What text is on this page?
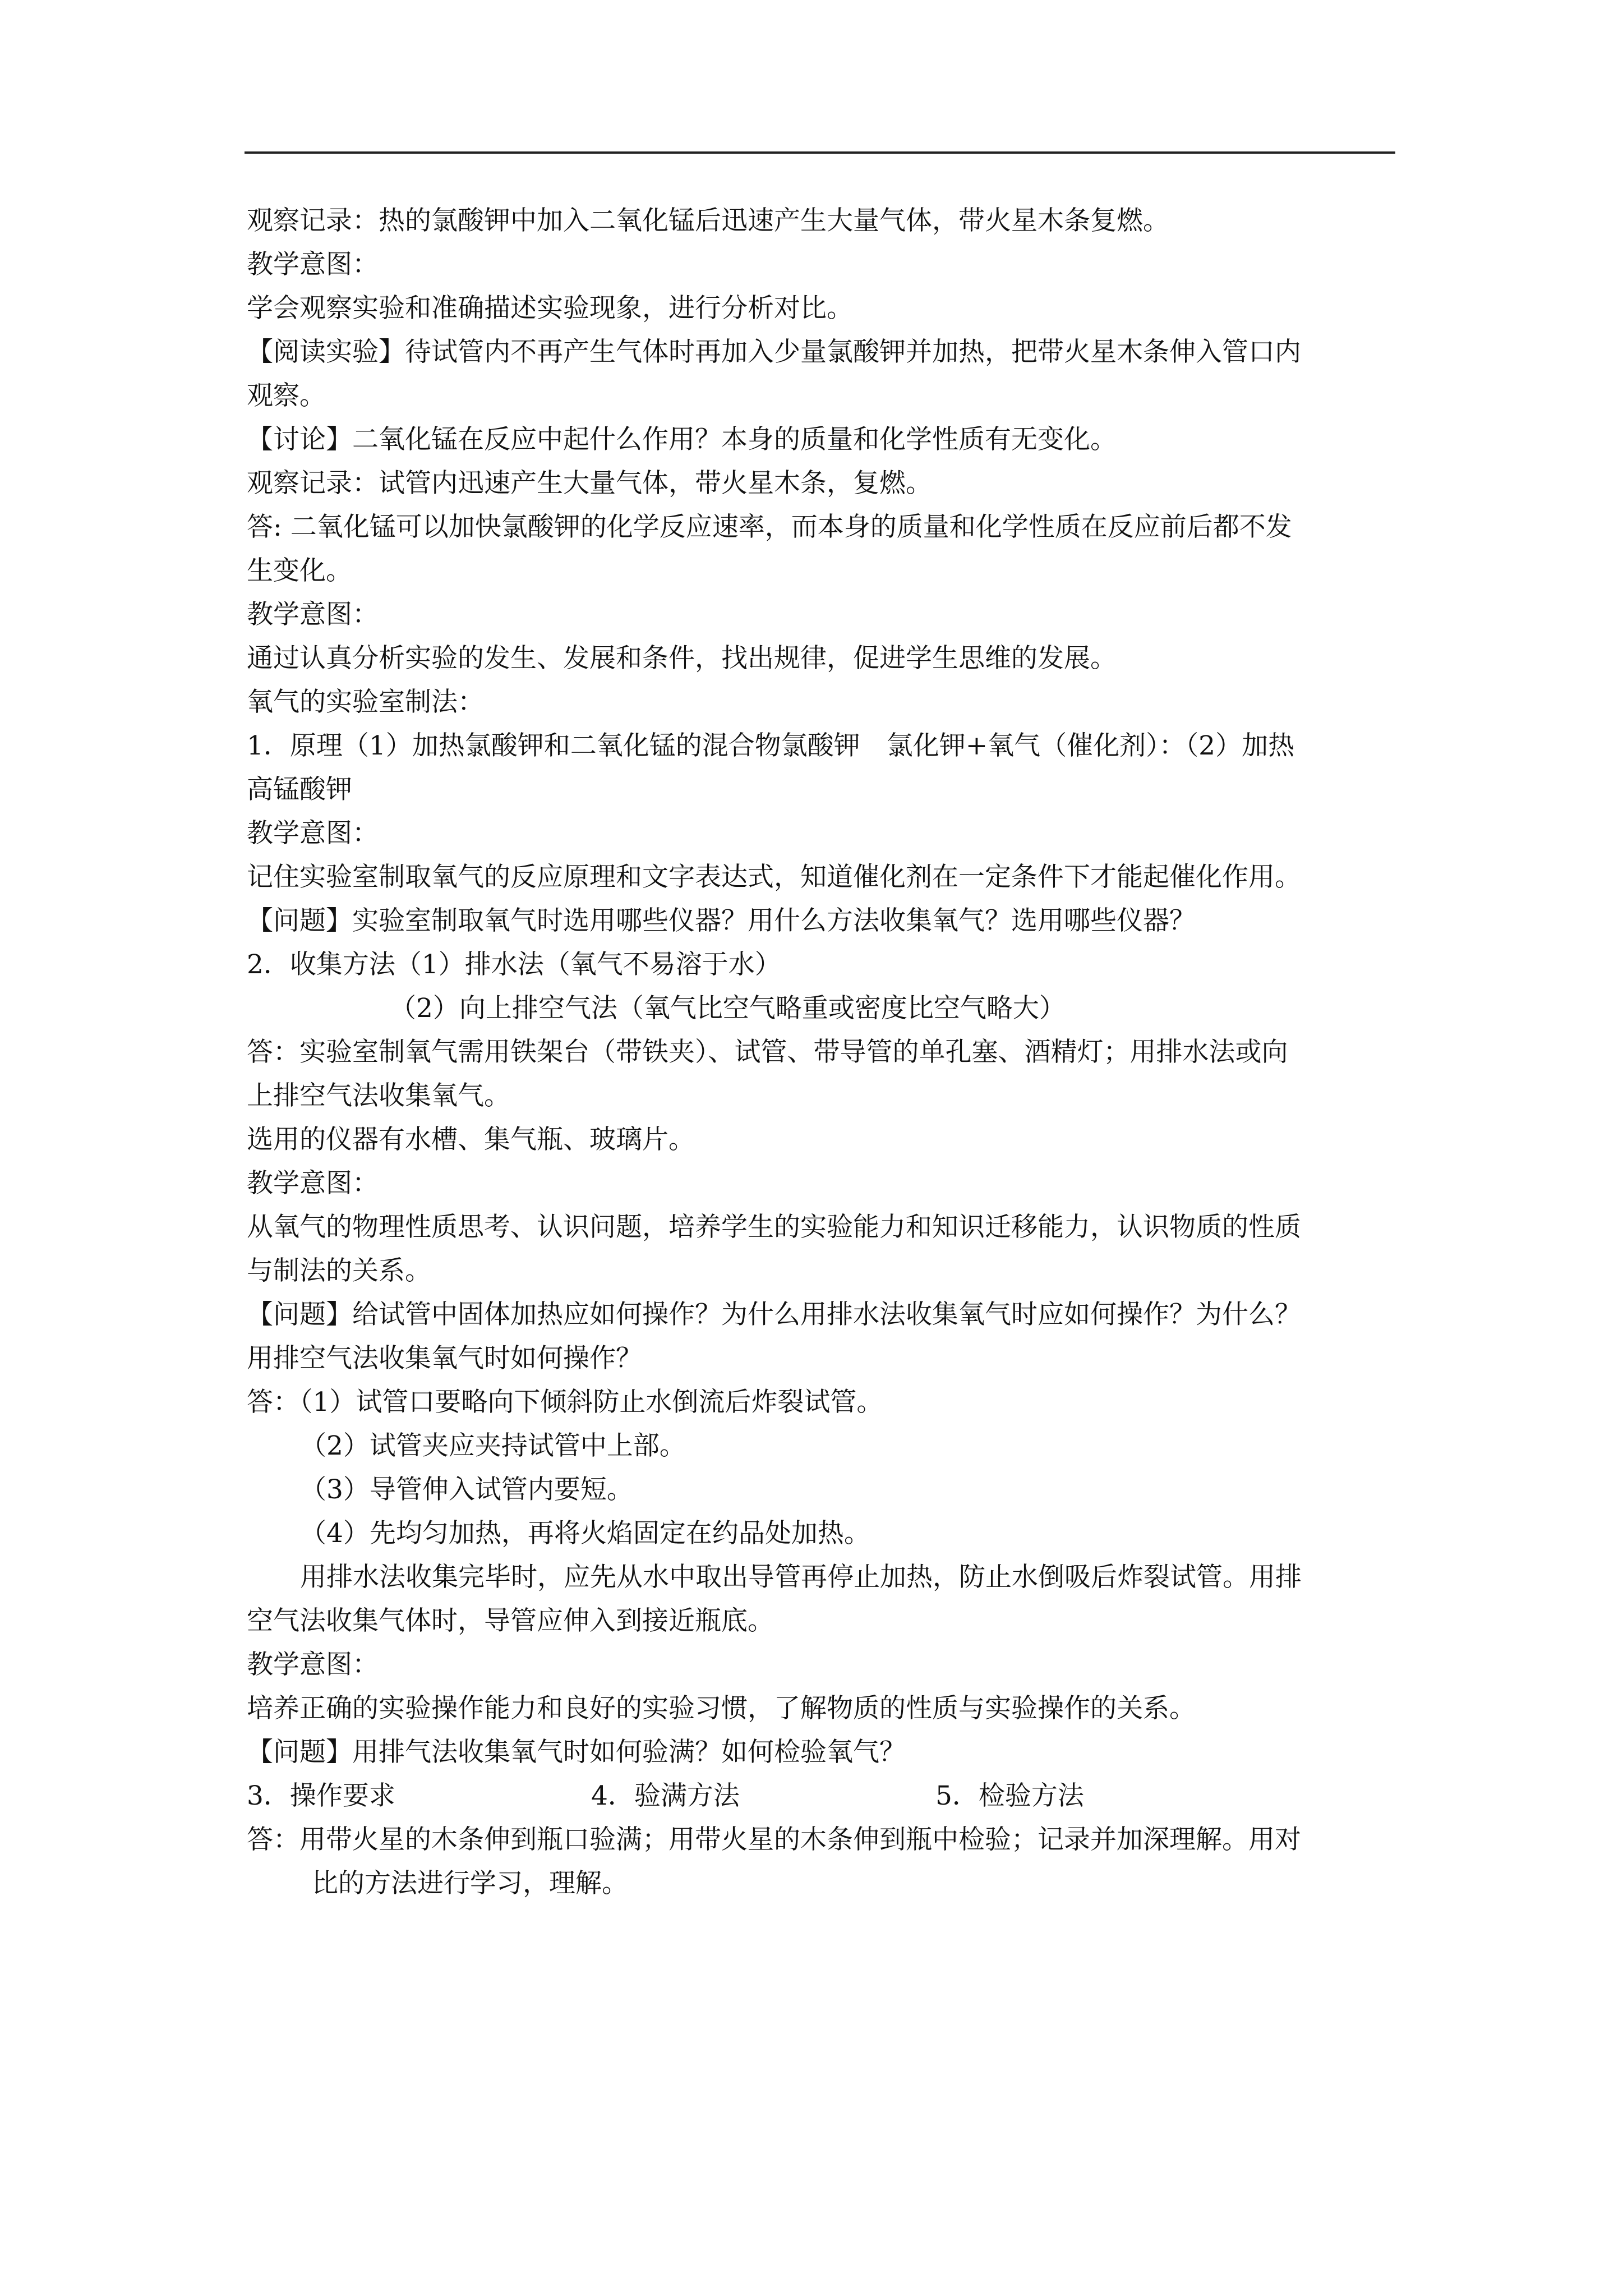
观察记录：热的氯酸钾中加入二氧化锰后迅速产生大量气体，带火星木条复燃。
教学意图：
学会观察实验和准确描述实验现象，进行分析对比。
【阅读实验】待试管内不再产生气体时再加入少量氯酸钾并加热，把带火星木条伸入管口内
观察。
【讨论】二氧化锰在反应中起什么作用？本身的质量和化学性质有无变化。
观察记录：试管内迅速产生大量气体，带火星木条，复燃。
答: 二氧化锰可以加快氯酸钾的化学反应速率，而本身的质量和化学性质在反应前后都不发
生变化。
教学意图：
通过认真分析实验的发生、发展和条件，找出规律，促进学生思维的发展。
氧气的实验室制法：
1．原理（1）加热氯酸钾和二氧化锰的混合物氯酸钾　氯化钾+氧气（催化剂）：（2）加热
高锰酸钾
教学意图：
记住实验室制取氧气的反应原理和文字表达式，知道催化剂在一定条件下才能起催化作用。
【问题】实验室制取氧气时选用哪些仪器？用什么方法收集氧气？选用哪些仪器？
2．收集方法（1）排水法（氧气不易溶于水）
（2）向上排空气法（氧气比空气略重或密度比空气略大）
答：实验室制氧气需用铁架台（带铁夹）、试管、带导管的单孔塞、酒精灯；用排水法或向
上排空气法收集氧气。
选用的仪器有水槽、集气瓶、玻璃片。
教学意图：
从氧气的物理性质思考、认识问题，培养学生的实验能力和知识迁移能力，认识物质的性质
与制法的关系。
【问题】给试管中固体加热应如何操作？为什么用排水法收集氧气时应如何操作？为什么？
用排空气法收集氧气时如何操作？
答：（1）试管口要略向下倾斜防止水倒流后炸裂试管。
（2）试管夹应夹持试管中上部。
（3）导管伸入试管内要短。
（4）先均匀加热，再将火焰固定在约品处加热。
用排水法收集完毕时，应先从水中取出导管再停止加热，防止水倒吸后炸裂试管。用排
空气法收集气体时，导管应伸入到接近瓶底。
教学意图：
培养正确的实验操作能力和良好的实验习惯，了解物质的性质与实验操作的关系。
【问题】用排气法收集氧气时如何验满？如何检验氧气？
3．操作要求	4．验满方法	5．检验方法
答：用带火星的木条伸到瓶口验满；用带火星的木条伸到瓶中检验；记录并加深理解。用对
比的方法进行学习，理解。
